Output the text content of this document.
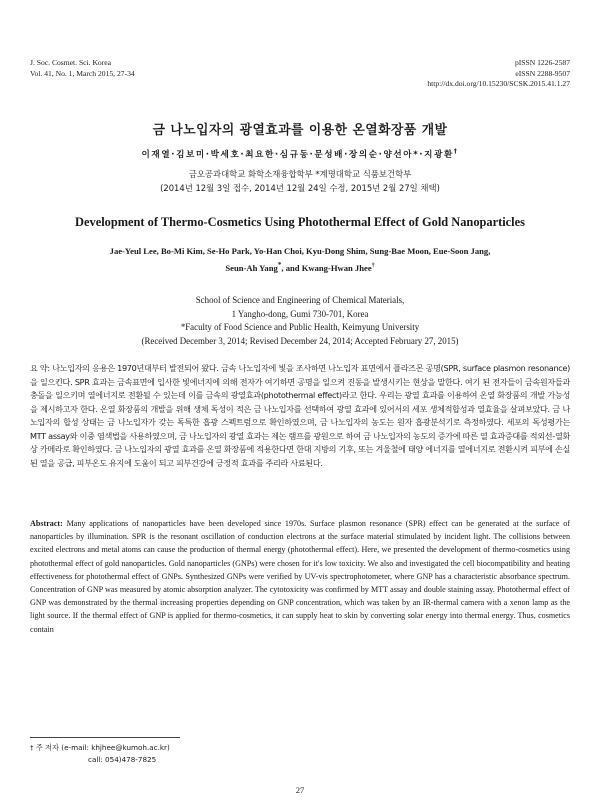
J. Soc. Cosmet. Sci. Korea
Vol. 41, No. 1, March 2015, 27-34
pISSN 1226-2587
eISSN 2288-9507
http://dx.doi.org/10.15230/SCSK.2015.41.1.27
금 나노입자의 광열효과를 이용한 온열화장품 개발
이재열·김보미·박세호·최요한·심규동·문성배·장의순·양선아*·지광환†
금오공과대학교 화학소재융합학부 *계명대학교 식품보건학부
(2014년 12월 3일 접수, 2014년 12월 24일 수정, 2015년 2월 27일 채택)
Development of Thermo-Cosmetics Using Photothermal Effect of Gold Nanoparticles
Jae-Yeul Lee, Bo-Mi Kim, Se-Ho Park, Yo-Han Choi, Kyu-Dong Shim, Sung-Bae Moon, Eue-Soon Jang,
Seun-Ah Yang*, and Kwang-Hwan Jhee†
School of Science and Engineering of Chemical Materials,
1 Yangho-dong, Gumi 730-701, Korea
*Faculty of Food Science and Public Health, Keimyung University
(Received December 3, 2014; Revised December 24, 2014; Accepted February 27, 2015)
요 약: 나노입자의 응용은 1970년대부터 발전되어 왔다. 금속 나노입자에 빛을 조사하면 나노입자 표면에서 플라즈몬 공명(SPR, surface plasmon resonance)을 일으킨다. SPR 효과는 금속표면에 입사한 빛에너지에 의해 전자가 여기하면 공명을 일으켜 진동을 발생시키는 현상을 말한다. 여기 된 전자들이 금속원자들과 충돌을 일으키며 열에너지로 전환될 수 있는데 이를 금속의 광열효과(photothermal effect)라고 한다. 우리는 광열 효과를 이용하여 온열 화장품의 개발 가능성을 제시하고자 한다. 온열 화장품의 개발을 위해 생체 독성이 적은 금 나노입자를 선택하여 광열 효과에 있어서의 세포 생체적합성과 열효율을 살펴보았다. 금 나노입자의 합성 상태는 금 나노입자가 갖는 독특한 흡광 스펙트럼으로 확인하였으며, 금 나노입자의 농도는 원자 흡광분석기로 측정하였다. 세포의 독성평가는 MTT assay와 이중 염색법을 사용하였으며, 금 나노입자의 광열 효과는 제논 램프를 광원으로 하여 금 나노입자의 농도의 증가에 따른 열 효과증대를 적외선-열화상 카메라로 확인하였다. 금 나노입자의 광열 효과를 온열 화장품에 적용한다면 한대 지방의 기후, 또는 겨울철에 태양 에너지를 열에너지로 전환시켜 피부에 손실된 열을 공급, 피부온도 유지에 도움이 되고 피부건강에 긍정적 효과를 주리라 사료된다.
Abstract: Many applications of nanoparticles have been developed since 1970s. Surface plasmon resonance (SPR) effect can be generated at the surface of nanoparticles by illumination. SPR is the resonant oscillation of conduction electrons at the surface material stimulated by incident light. The collisions between excited electrons and metal atoms can cause the production of thermal energy (photothermal effect). Here, we presented the development of thermo-cosmetics using photothermal effect of gold nanoparticles. Gold nanoparticles (GNPs) were chosen for it's low toxicity. We also and investigated the cell biocompatibility and heating effectiveness for photothermal effect of GNPs. Synthesized GNPs were verified by UV-vis spectrophotometer, where GNP has a characteristic absorbance spectrum. Concentration of GNP was measured by atomic absorption analyzer. The cytotoxicity was confirmed by MTT assay and double staining assay. Photothermal effect of GNP was demonstrated by the thermal increasing properties depending on GNP concentration, which was taken by an IR-thermal camera with a xenon lamp as the light source. If the thermal effect of GNP is applied for thermo-cosmetics, it can supply heat to skin by converting solar energy into thermal energy. Thus, cosmetics contain
† 주 저자 (e-mail: khjhee@kumoh.ac.kr)
call: 054)478-7825
27
